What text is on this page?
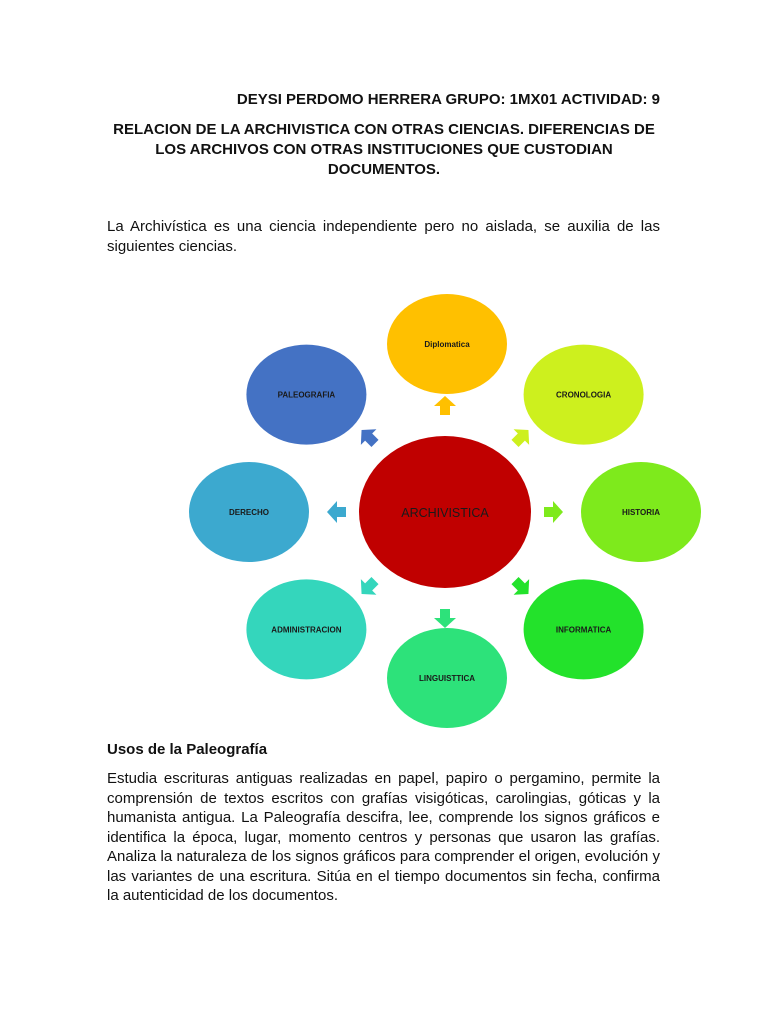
DEYSI PERDOMO HERRERA GRUPO: 1MX01 ACTIVIDAD: 9
RELACION DE LA ARCHIVISTICA CON OTRAS CIENCIAS. DIFERENCIAS DE
LOS ARCHIVOS CON OTRAS INSTITUCIONES QUE CUSTODIAN
DOCUMENTOS.
La Archivística es una ciencia independiente pero no aislada, se auxilia de las siguientes ciencias.
ARCHIVISTICA
Diplomatica
CRONOLOGIA
HISTORIA
INFORMATICA
LINGUISTTICA
ADMINISTRACION
DERECHO
PALEOGRAFIA
Usos de la Paleografía
Estudia escrituras antiguas realizadas en papel, papiro o pergamino, permite la comprensión de textos escritos con grafías visigóticas, carolingias, góticas y la humanista antigua. La Paleografía descifra, lee, comprende los signos gráficos e identifica la época, lugar, momento centros y personas que usaron las grafías. Analiza la naturaleza de los signos gráficos para comprender el origen, evolución y las variantes de una escritura. Sitúa en el tiempo documentos sin fecha, confirma la autenticidad de los documentos.
